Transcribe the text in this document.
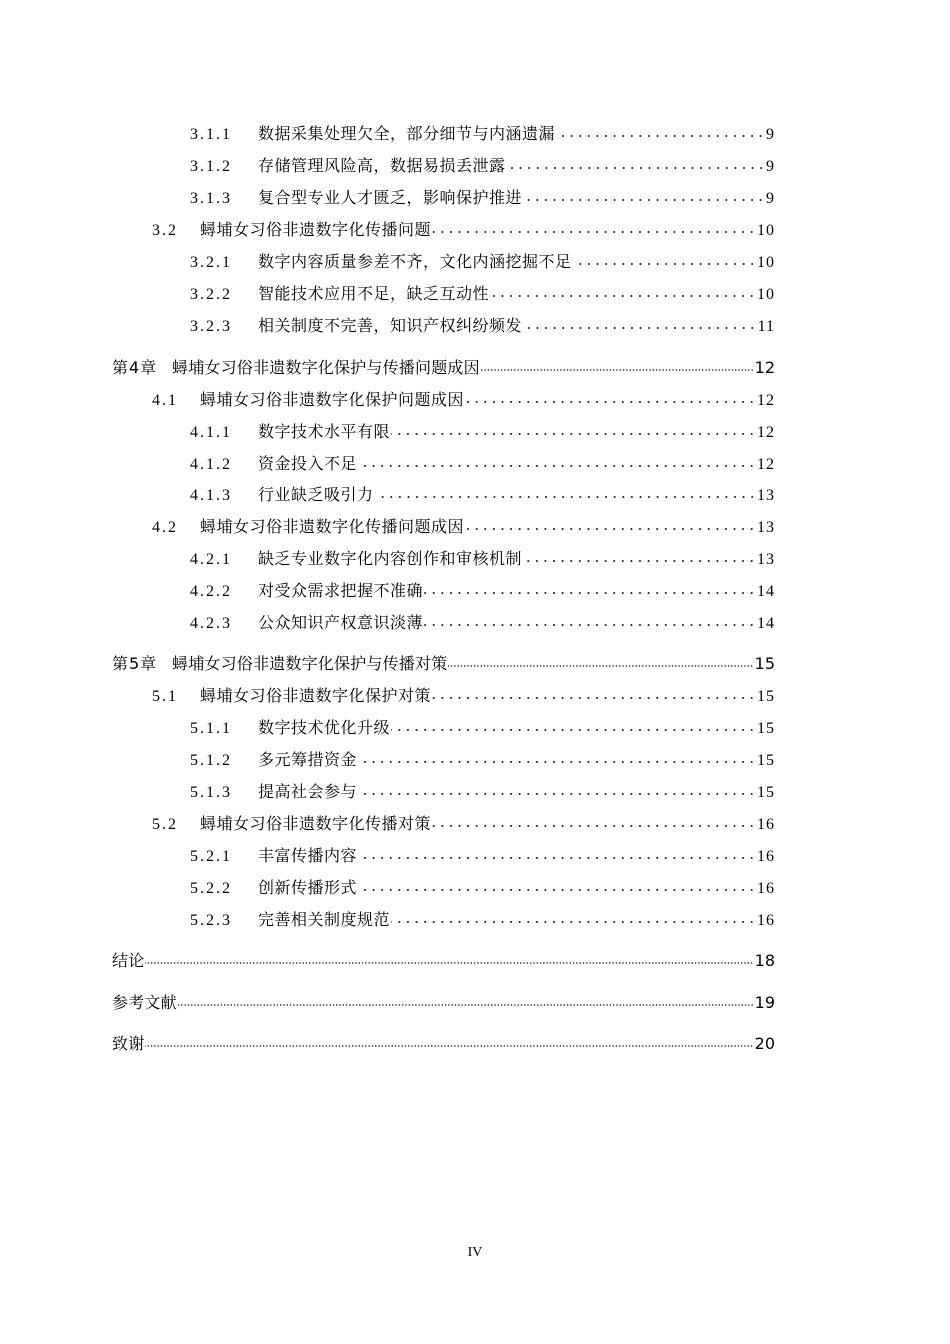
3.1.1	数据采集处理欠全，部分细节与内涵遗漏	9
3.1.2	存储管理风险高，数据易损丢泄露	9
3.1.3	复合型专业人才匮乏，影响保护推进	9
3.2	蟳埔女习俗非遗数字化传播问题	10
3.2.1	数字内容质量参差不齐，文化内涵挖掘不足	10
3.2.2	智能技术应用不足，缺乏互动性	10
3.2.3	相关制度不完善，知识产权纠纷频发	11
第4章 蟳埔女习俗非遗数字化保护与传播问题成因	12
4.1	蟳埔女习俗非遗数字化保护问题成因	12
4.1.1	数字技术水平有限	12
4.1.2	资金投入不足	12
4.1.3	行业缺乏吸引力	13
4.2	蟳埔女习俗非遗数字化传播问题成因	13
4.2.1	缺乏专业数字化内容创作和审核机制	13
4.2.2	对受众需求把握不准确	14
4.2.3	公众知识产权意识淡薄	14
第5章 蟳埔女习俗非遗数字化保护与传播对策	15
5.1	蟳埔女习俗非遗数字化保护对策	15
5.1.1	数字技术优化升级	15
5.1.2	多元筹措资金	15
5.1.3	提高社会参与	15
5.2	蟳埔女习俗非遗数字化传播对策	16
5.2.1	丰富传播内容	16
5.2.2	创新传播形式	16
5.2.3	完善相关制度规范	16
结论	18
参考文献	19
致谢	20
IV
